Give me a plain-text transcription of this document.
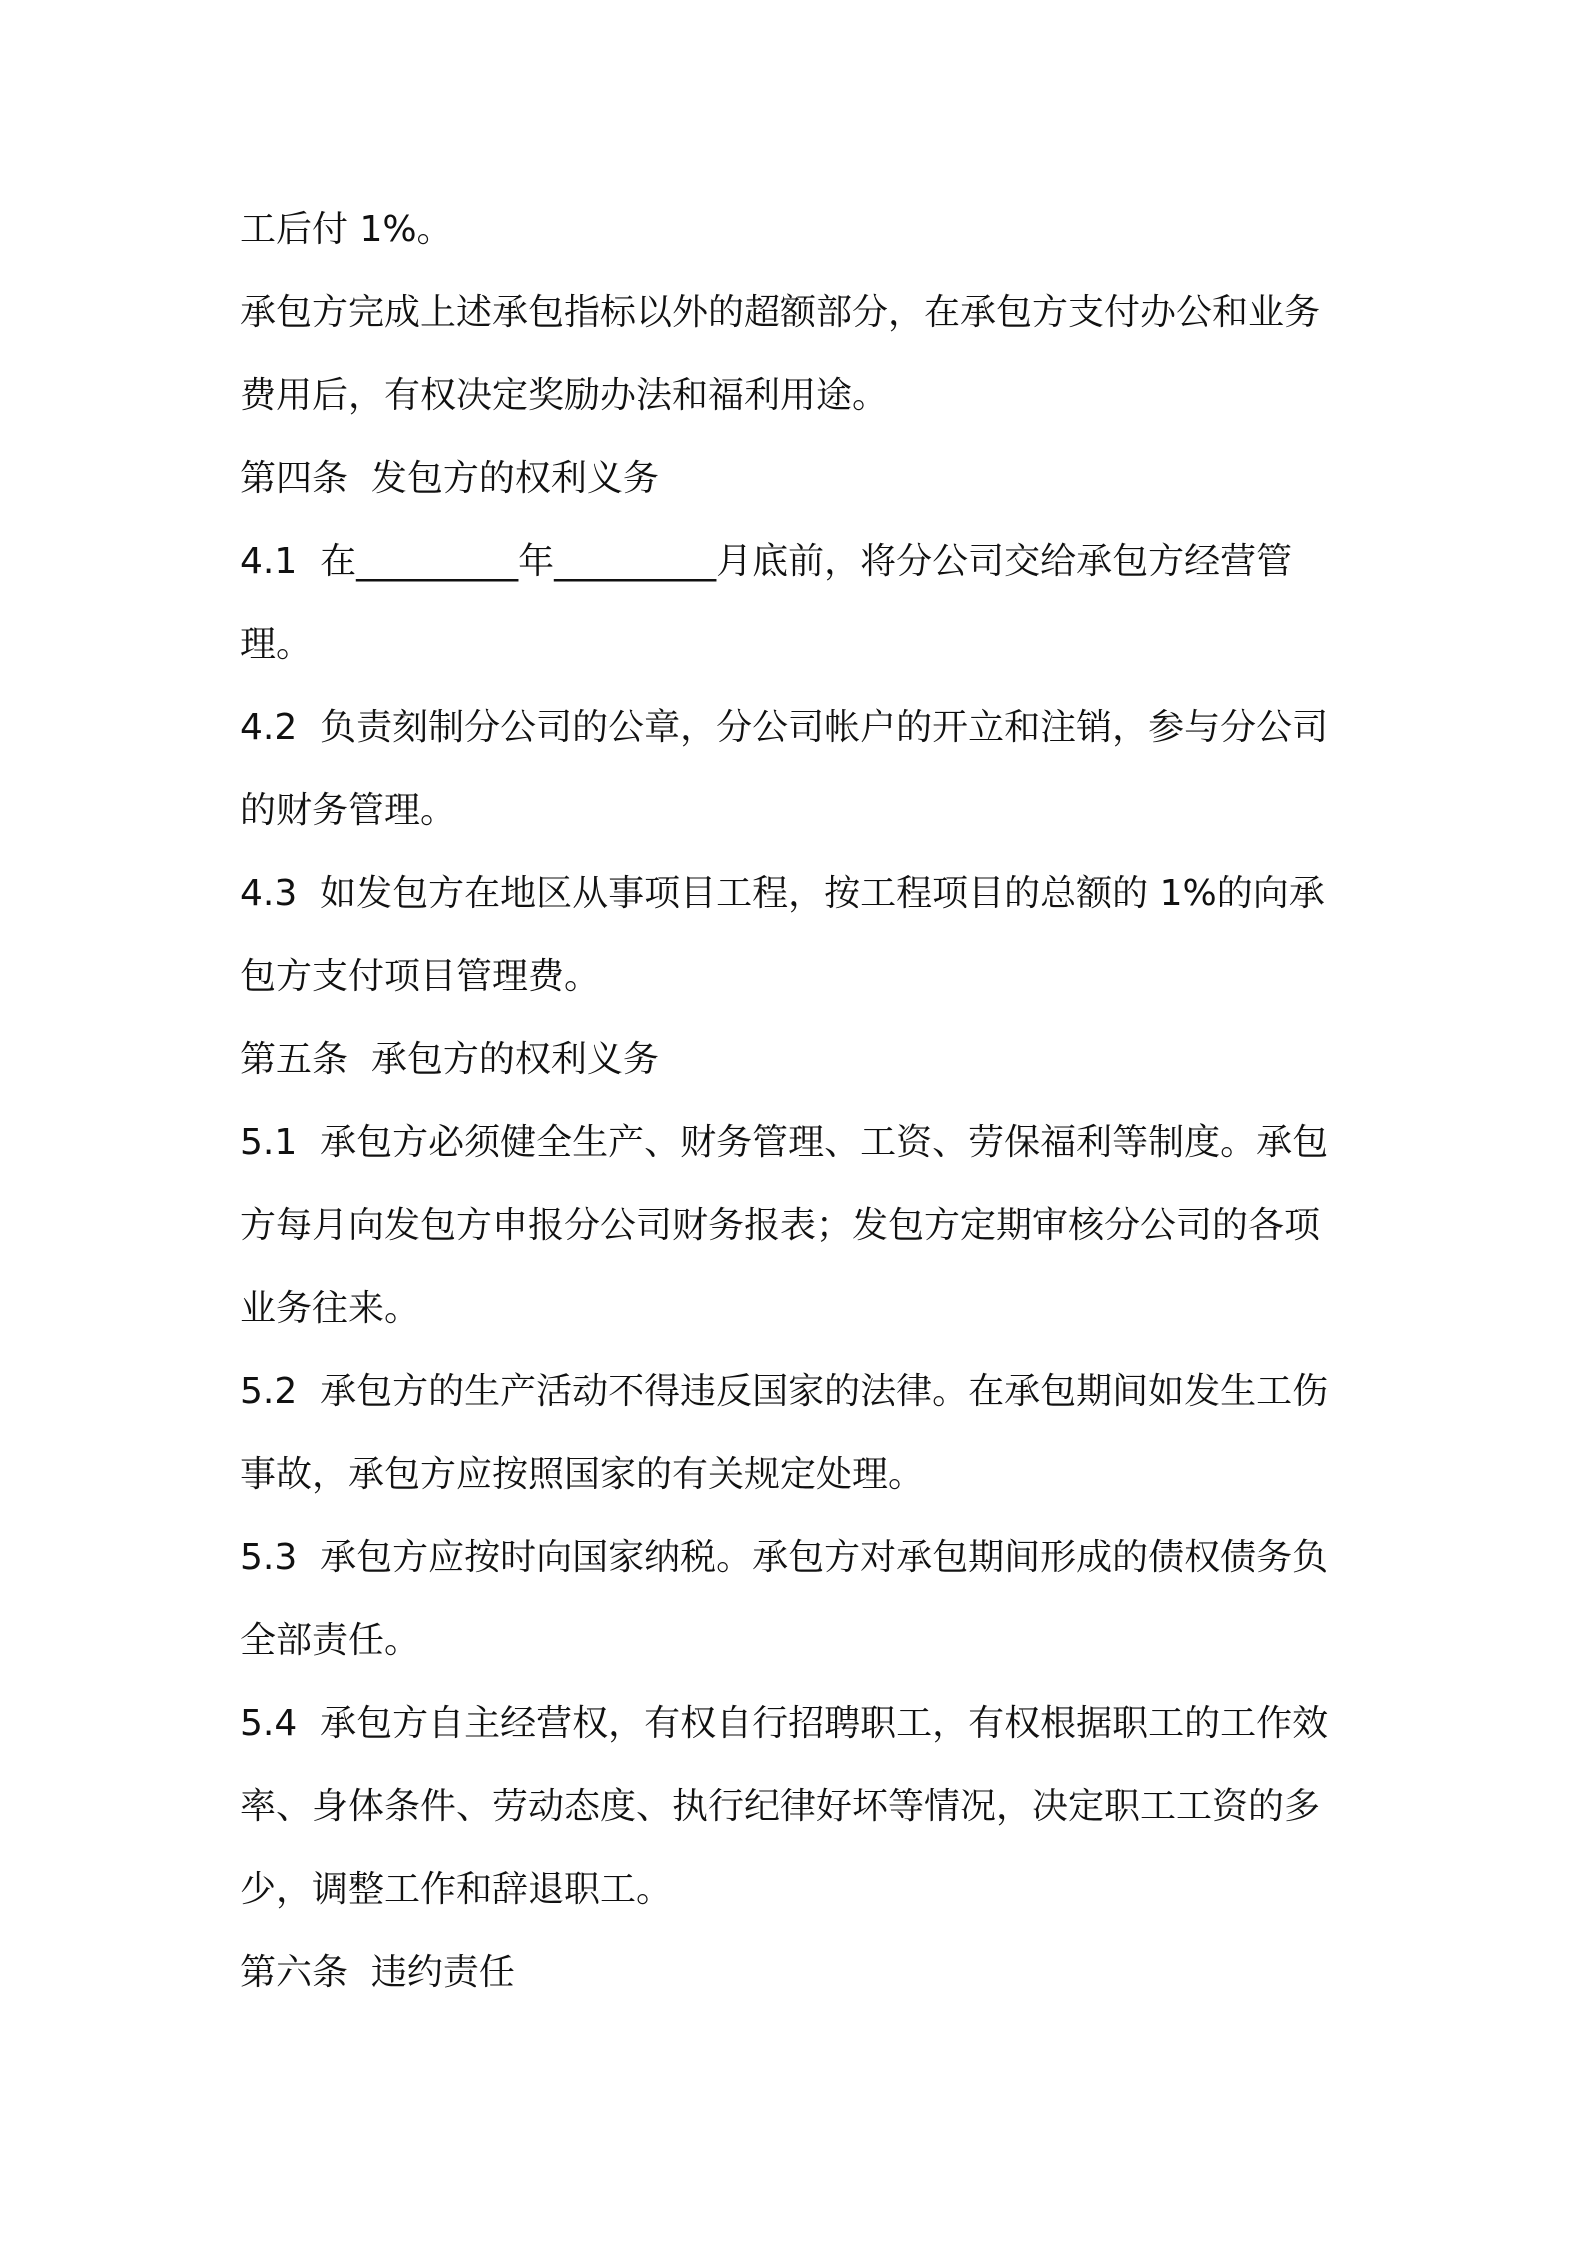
工后付 1%。

承包方完成上述承包指标以外的超额部分，在承包方支付办公和业务

费用后，有权决定奖励办法和福利用途。

第四条  发包方的权利义务

4.1  在_________年_________月底前，将分公司交给承包方经营管

理。

4.2  负责刻制分公司的公章，分公司帐户的开立和注销，参与分公司

的财务管理。

4.3  如发包方在地区从事项目工程，按工程项目的总额的 1%的向承

包方支付项目管理费。

第五条  承包方的权利义务

5.1  承包方必须健全生产、财务管理、工资、劳保福利等制度。承包

方每月向发包方申报分公司财务报表；发包方定期审核分公司的各项

业务往来。

5.2  承包方的生产活动不得违反国家的法律。在承包期间如发生工伤

事故，承包方应按照国家的有关规定处理。

5.3  承包方应按时向国家纳税。承包方对承包期间形成的债权债务负

全部责任。

5.4  承包方自主经营权，有权自行招聘职工，有权根据职工的工作效

率、身体条件、劳动态度、执行纪律好坏等情况，决定职工工资的多

少，调整工作和辞退职工。

第六条  违约责任
